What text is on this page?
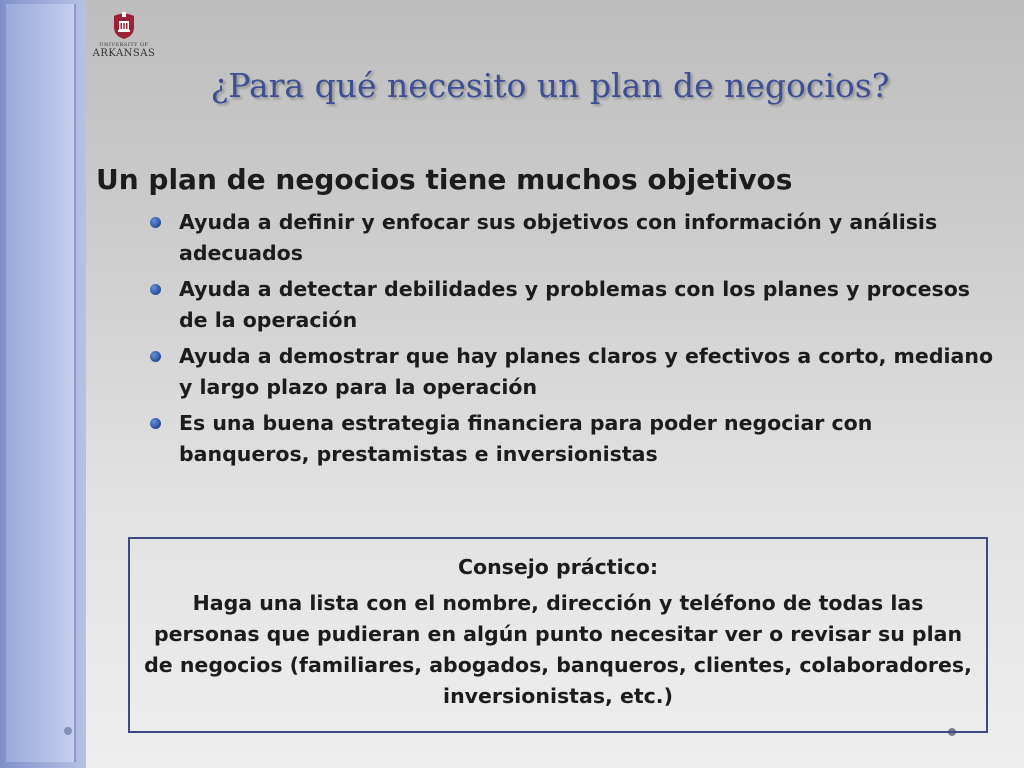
UNIVERSITY OF
ARKANSAS
¿Para qué necesito un plan de negocios?
Un plan de negocios tiene muchos objetivos
Ayuda a definir y enfocar sus objetivos con información y análisis adecuados
Ayuda a detectar debilidades y problemas con los planes y procesos de la operación
Ayuda a demostrar que hay planes claros y efectivos a corto, mediano y largo plazo para la operación
Es una buena estrategia financiera para poder negociar con banqueros, prestamistas e inversionistas
Consejo práctico:
Haga una lista con el nombre, dirección y teléfono de todas las personas que pudieran en algún punto necesitar ver o revisar su plan de negocios (familiares, abogados, banqueros, clientes, colaboradores, inversionistas, etc.)
